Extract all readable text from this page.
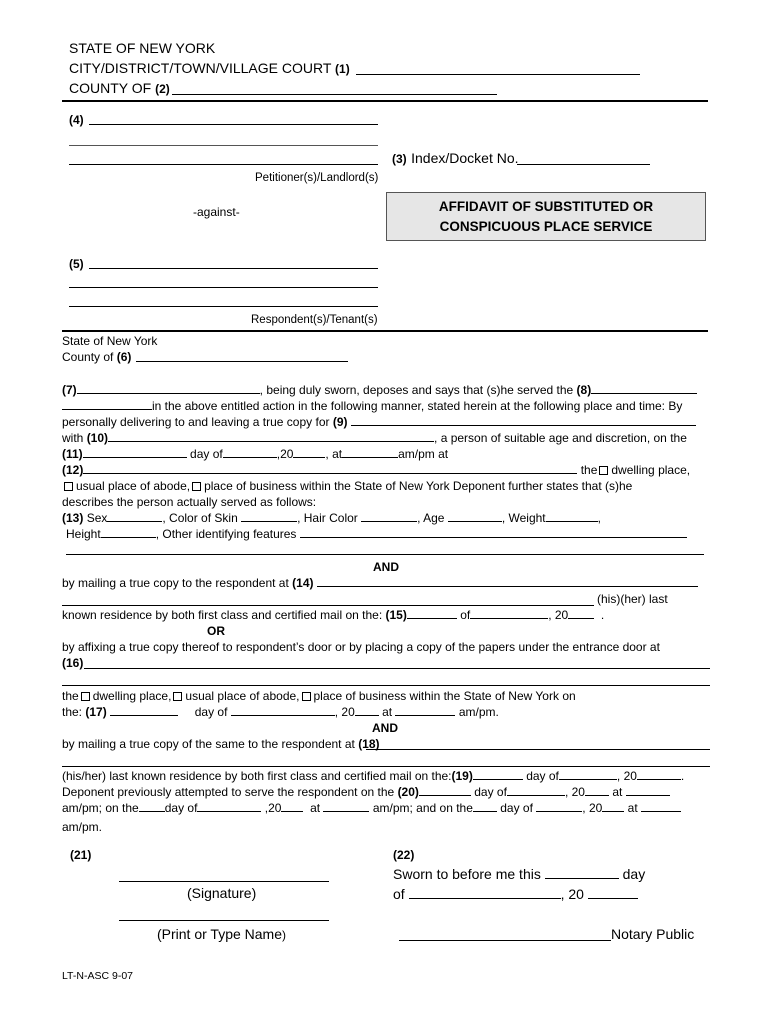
STATE OF NEW YORK
CITY/DISTRICT/TOWN/VILLAGE COURT (1)
COUNTY OF (2)
(4)
(3) Index/Docket No.
Petitioner(s)/Landlord(s)
-against-	AFFIDAVIT OF SUBSTITUTED OR
CONSPICUOUS PLACE SERVICE
(5)
Respondent(s)/Tenant(s)
State of New York
County of (6)
(7)	, being duly sworn, deposes and says that (s)he served the (8)
in the above entitled action in the following manner, stated herein at the following place and time: By
personally delivering to and leaving a true copy for (9)
with (10)	, a person of suitable age and discretion, on the
(11)	day of	,20	, at	am/pm at
(12)	the dwelling place,
usual place of abode, place of business within the State of New York Deponent further states that (s)he
describes the person actually served as follows:
(13) Sex	, Color of Skin	, Hair Color	, Age	, Weight	,
Height	, Other identifying features
AND
by mailing a true copy to the respondent at (14)
(his)(her) last
known residence by both first class and certified mail on the: (15)	of	, 20	.
OR
by affixing a true copy thereof to respondent’s door or by placing a copy of the papers under the entrance door at
(16)
the dwelling place, usual place of abode, place of business within the State of New York on
the: (17)	day of	, 20 at	am/pm.
AND
by mailing a true copy of the same to the respondent at (18)
(his/her) last known residence by both first class and certified mail on the:(19)	day of	, 20	.
Deponent previously attempted to serve the respondent on the (20)	day of	, 20 at
am/pm; on the day of	,20 at	am/pm; and on the day of	, 20 at
am/pm.
(21)
(Signature)
(Print or Type Name)
(22)
Sworn to before me this	day
of	, 20
Notary Public
LT-N-ASC 9-07
